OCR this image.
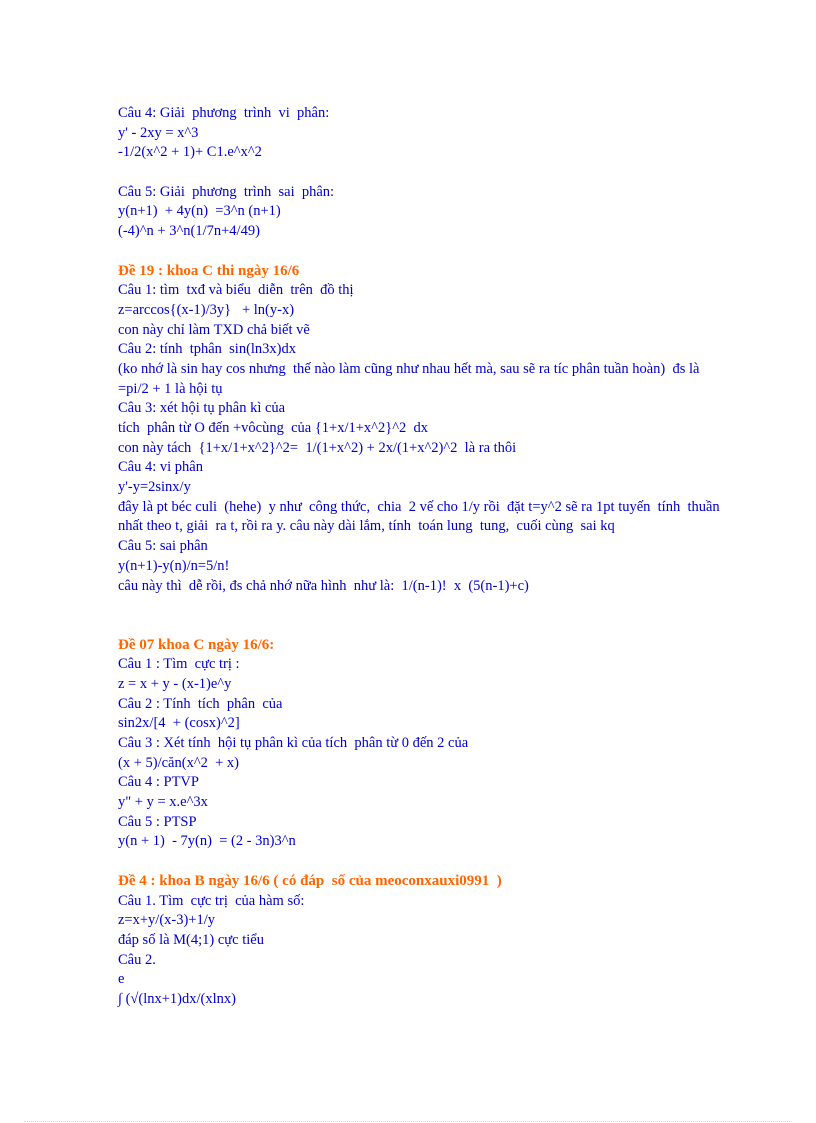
Câu 4: Giải  phương  trình  vi  phân:
y' - 2xy = x^3
-1/2(x^2 + 1)+ C1.e^x^2
Câu 5: Giải  phương  trình  sai  phân:
y(n+1)  + 4y(n)  =3^n (n+1)
(-4)^n + 3^n(1/7n+4/49)
Đề 19 : khoa C thi ngày 16/6
Câu 1: tìm  txđ và biểu  diễn  trên  đồ thị
z=arccos{(x-1)/3y}   + ln(y-x)
con này chỉ làm TXD chả biết vẽ
Câu 2: tính  tphân  sin(ln3x)dx
(ko nhớ là sin hay cos nhưng  thế nào làm cũng như nhau hết mà, sau sẽ ra tíc phân tuần hoàn)  đs là
=pi/2 + 1 là hội tụ
Câu 3: xét hội tụ phân kì của
tích  phân từ O đến +vôcùng  của {1+x/1+x^2}^2  dx
con này tách  {1+x/1+x^2}^2=  1/(1+x^2) + 2x/(1+x^2)^2  là ra thôi
Câu 4: vi phân
y'-y=2sinx/y
đây là pt béc culi  (hehe)  y như  công thức,  chia  2 vế cho 1/y rồi  đặt t=y^2 sẽ ra 1pt tuyến  tính  thuần
nhất theo t, giải  ra t, rồi ra y. câu này dài lắm, tính  toán lung  tung,  cuối cùng  sai kq
Câu 5: sai phân
y(n+1)-y(n)/n=5/n!
câu này thì  dễ rồi, đs chả nhớ nữa hình  như là:  1/(n-1)!  x  (5(n-1)+c)
Đề 07 khoa C ngày 16/6:
Câu 1 : Tìm  cực trị :
z = x + y - (x-1)e^y
Câu 2 : Tính  tích  phân  của
sin2x/[4  + (cosx)^2]
Câu 3 : Xét tính  hội tụ phân kì của tích  phân từ 0 đến 2 của
(x + 5)/căn(x^2  + x)
Câu 4 : PTVP
y" + y = x.e^3x
Câu 5 : PTSP
y(n + 1)  - 7y(n)  = (2 - 3n)3^n
Đề 4 : khoa B ngày 16/6 ( có đáp  số của meoconxauxi0991  )
Câu 1. Tìm  cực trị  của hàm số:
z=x+y/(x-3)+1/y
đáp số là M(4;1) cực tiểu
Câu 2.
e
∫ (√(lnx+1)dx/(xlnx)
